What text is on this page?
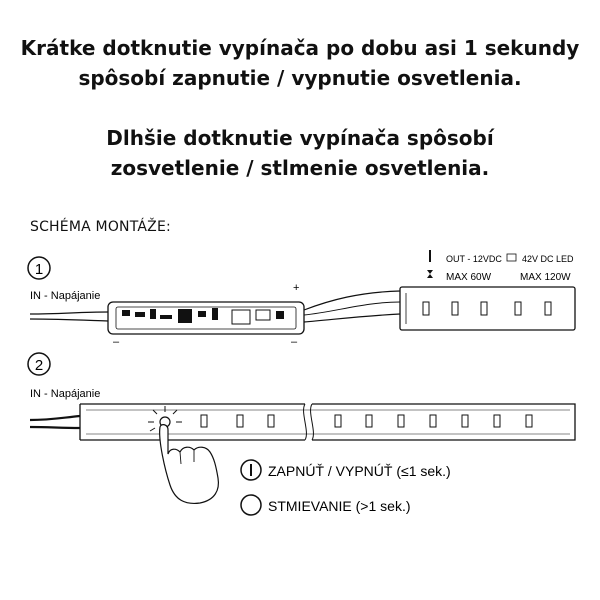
Krátke dotknutie vypínača po dobu asi 1 sekundy
spôsobí zapnutie / vypnutie osvetlenia.
Dlhšie dotknutie vypínača spôsobí
zosvetlenie / stlmenie osvetlenia.
SCHÉMA MONTÁŽE:
1
IN - Napájanie
+
–	–
OUT - 12VDC 42V DC LED
MAX 60W	MAX 120W
2
IN - Napájanie
ZAPNÚŤ / VYPNÚŤ (≤1 sek.)
STMIEVANIE (>1 sek.)
